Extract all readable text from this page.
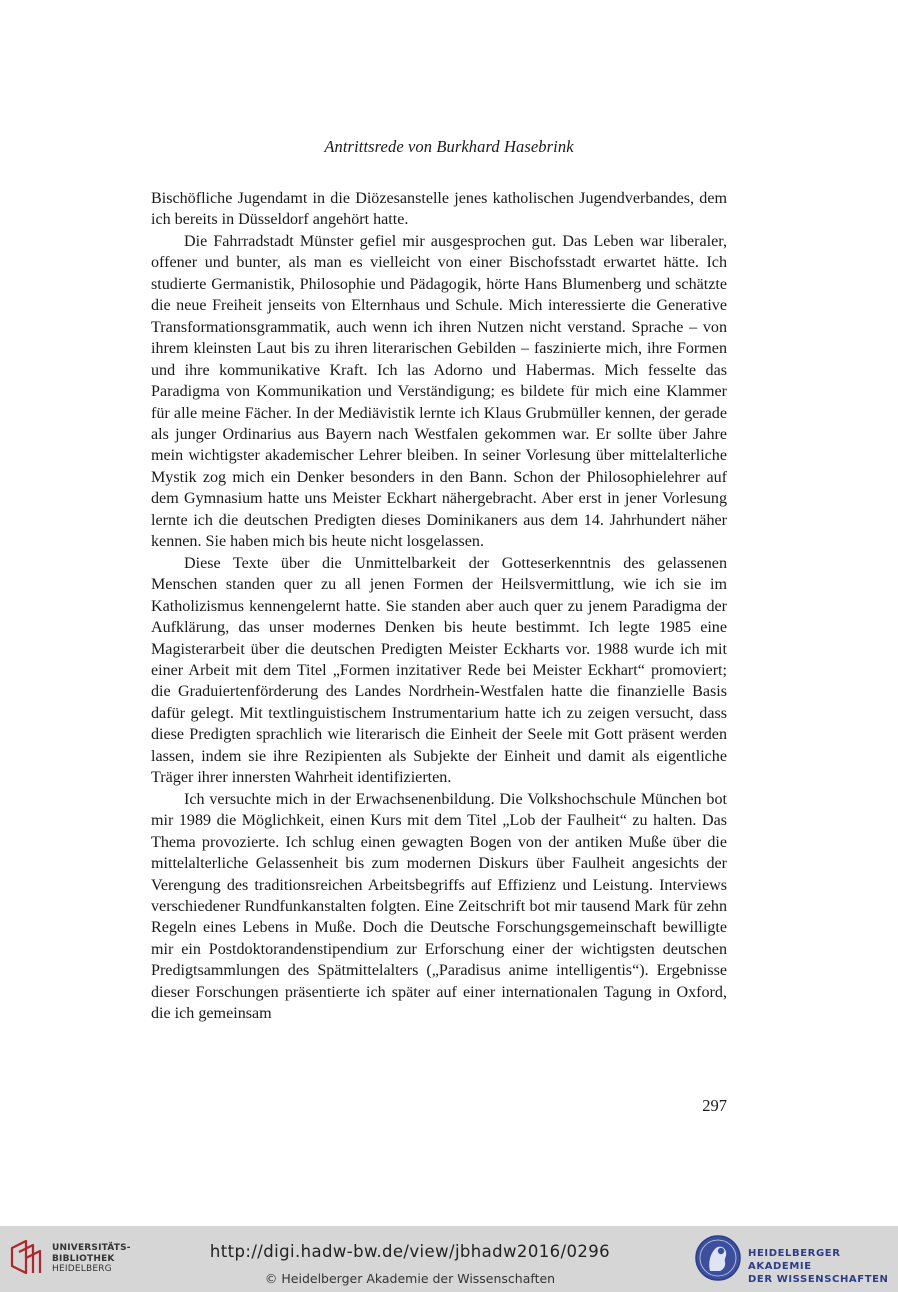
Antrittsrede von Burkhard Hasebrink

Bischöfliche Jugendamt in die Diözesanstelle jenes katholischen Jugendverbandes, dem ich bereits in Düsseldorf angehört hatte.

Die Fahrradstadt Münster gefiel mir ausgesprochen gut. Das Leben war liberaler, offener und bunter, als man es vielleicht von einer Bischofsstadt erwartet hätte. Ich studierte Germanistik, Philosophie und Pädagogik, hörte Hans Blumenberg und schätzte die neue Freiheit jenseits von Elternhaus und Schule. Mich interessierte die Generative Transformationsgrammatik, auch wenn ich ihren Nutzen nicht verstand. Sprache – von ihrem kleinsten Laut bis zu ihren literarischen Gebilden – faszinierte mich, ihre Formen und ihre kommunikative Kraft. Ich las Adorno und Habermas. Mich fesselte das Paradigma von Kommunikation und Verständigung; es bildete für mich eine Klammer für alle meine Fächer. In der Mediävistik lernte ich Klaus Grubmüller kennen, der gerade als junger Ordinarius aus Bayern nach Westfalen gekommen war. Er sollte über Jahre mein wichtigster akademischer Lehrer bleiben. In seiner Vorlesung über mittelalterliche Mystik zog mich ein Denker besonders in den Bann. Schon der Philosophielehrer auf dem Gymnasium hatte uns Meister Eckhart nähergebracht. Aber erst in jener Vorlesung lernte ich die deutschen Predigten dieses Dominikaners aus dem 14. Jahrhundert näher kennen. Sie haben mich bis heute nicht losgelassen.

Diese Texte über die Unmittelbarkeit der Gotteserkenntnis des gelassenen Menschen standen quer zu all jenen Formen der Heilsvermittlung, wie ich sie im Katholizismus kennengelernt hatte. Sie standen aber auch quer zu jenem Paradigma der Aufklärung, das unser modernes Denken bis heute bestimmt. Ich legte 1985 eine Magisterarbeit über die deutschen Predigten Meister Eckharts vor. 1988 wurde ich mit einer Arbeit mit dem Titel „Formen inzitativer Rede bei Meister Eckhart“ promoviert; die Graduiertenförderung des Landes Nordrhein-Westfalen hatte die finanzielle Basis dafür gelegt. Mit textlinguistischem Instrumentarium hatte ich zu zeigen versucht, dass diese Predigten sprachlich wie literarisch die Einheit der Seele mit Gott präsent werden lassen, indem sie ihre Rezipienten als Subjekte der Einheit und damit als eigentliche Träger ihrer innersten Wahrheit identifizierten.

Ich versuchte mich in der Erwachsenenbildung. Die Volkshochschule München bot mir 1989 die Möglichkeit, einen Kurs mit dem Titel „Lob der Faulheit“ zu halten. Das Thema provozierte. Ich schlug einen gewagten Bogen von der antiken Muße über die mittelalterliche Gelassenheit bis zum modernen Diskurs über Faulheit angesichts der Verengung des traditionsreichen Arbeitsbegriffs auf Effizienz und Leistung. Interviews verschiedener Rundfunkanstalten folgten. Eine Zeitschrift bot mir tausend Mark für zehn Regeln eines Lebens in Muße. Doch die Deutsche Forschungsgemeinschaft bewilligte mir ein Postdoktorandenstipendium zur Erforschung einer der wichtigsten deutschen Predigtsammlungen des Spätmittelalters („Paradisus anime intelligentis“). Ergebnisse dieser Forschungen präsentierte ich später auf einer internationalen Tagung in Oxford, die ich gemeinsam

297
UNIVERSITÄTS-
BIBLIOTHEK
HEIDELBERG
http://digi.hadw-bw.de/view/jbhadw2016/0296
© Heidelberger Akademie der Wissenschaften
HEIDELBERGER AKADEMIE
DER WISSENSCHAFTEN
